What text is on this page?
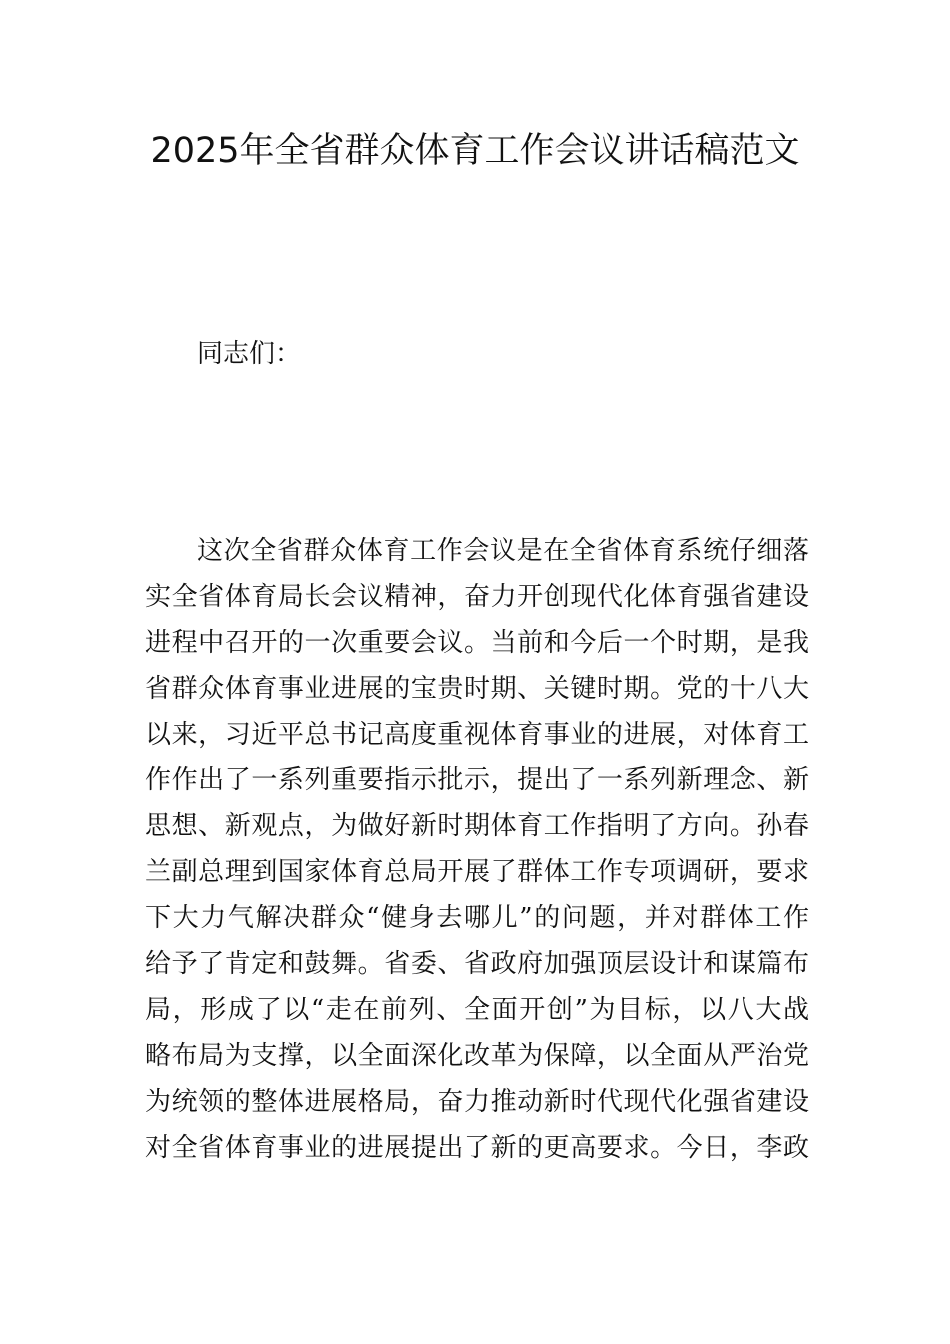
2025年全省群众体育工作会议讲话稿范文
同志们：
这次全省群众体育工作会议是在全省体育系统仔细落
实全省体育局长会议精神，奋力开创现代化体育强省建设
进程中召开的一次重要会议。当前和今后一个时期，是我
省群众体育事业进展的宝贵时期、关键时期。党的十八大
以来，习近平总书记高度重视体育事业的进展，对体育工
作作出了一系列重要指示批示，提出了一系列新理念、新
思想、新观点，为做好新时期体育工作指明了方向。孙春
兰副总理到国家体育总局开展了群体工作专项调研，要求
下大力气解决群众“健身去哪儿”的问题，并对群体工作
给予了肯定和鼓舞。省委、省政府加强顶层设计和谋篇布
局，形成了以“走在前列、全面开创”为目标，以八大战
略布局为支撑，以全面深化改革为保障，以全面从严治党
为统领的整体进展格局，奋力推动新时代现代化强省建设
对全省体育事业的进展提出了新的更高要求。今日，李政
